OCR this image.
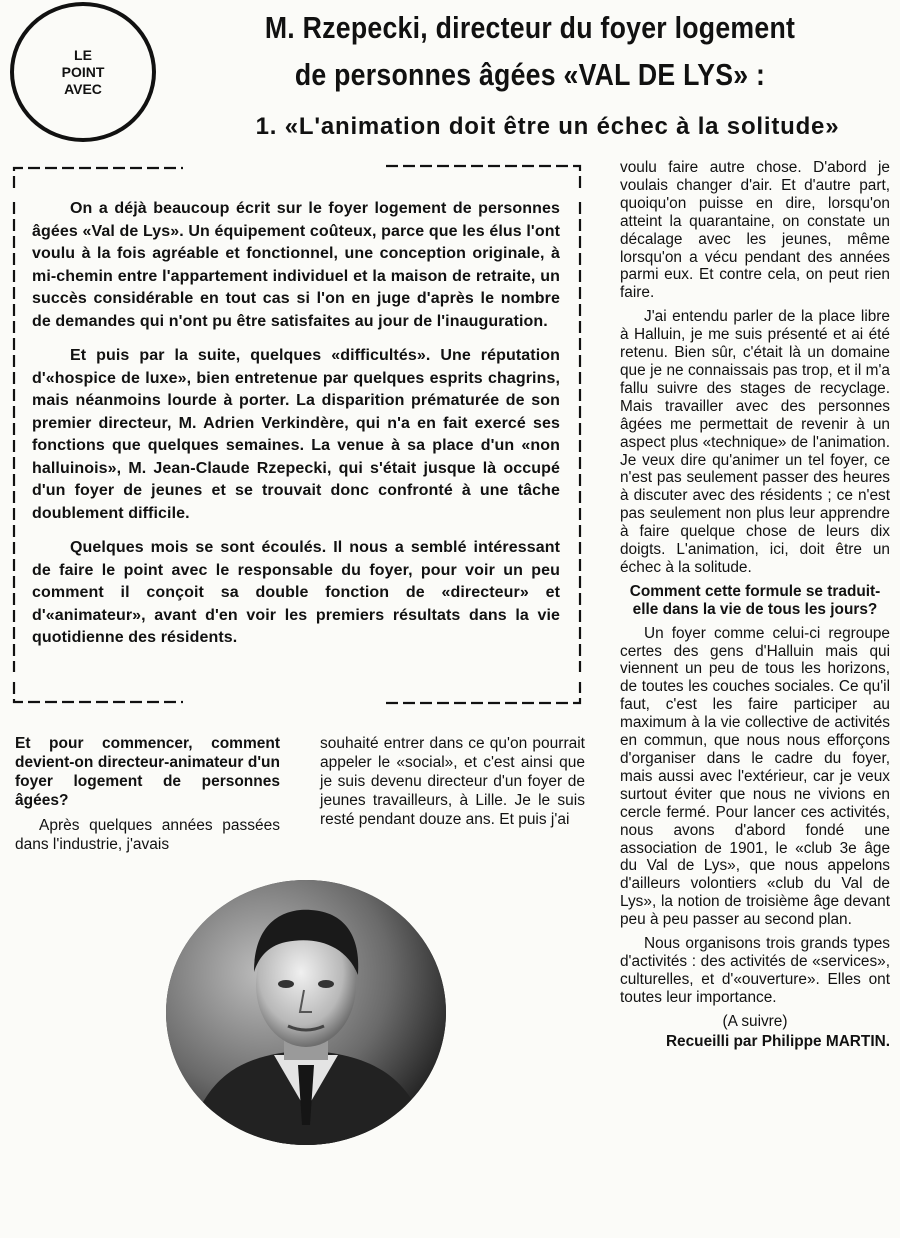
LE
POINT
AVEC
M. Rzepecki, directeur du foyer logement
de personnes âgées «VAL DE LYS» :
1. «L'animation doit être un échec à la solitude»

On a déjà beaucoup écrit sur le foyer logement de personnes âgées «Val de Lys». Un équipement coûteux, parce que les élus l'ont voulu à la fois agréable et fonctionnel, une conception originale, à mi-chemin entre l'appartement individuel et la maison de retraite, un succès considérable en tout cas si l'on en juge d'après le nombre de demandes qui n'ont pu être satisfaites au jour de l'inauguration.

Et puis par la suite, quelques «difficultés». Une réputation d'«hospice de luxe», bien entretenue par quelques esprits chagrins, mais néanmoins lourde à porter. La disparition prématurée de son premier directeur, M. Adrien Verkindère, qui n'a en fait exercé ses fonctions que quelques semaines. La venue à sa place d'un «non halluinois», M. Jean-Claude Rzepecki, qui s'était jusque là occupé d'un foyer de jeunes et se trouvait donc confronté à une tâche doublement difficile.

Quelques mois se sont écoulés. Il nous a semblé intéressant de faire le point avec le responsable du foyer, pour voir un peu comment il conçoit sa double fonction de «directeur» et d'«animateur», avant d'en voir les premiers résultats dans la vie quotidienne des résidents.

Et pour commencer, comment devient-on directeur-animateur d'un foyer logement de personnes âgées?

Après quelques années passées dans l'industrie, j'avais

souhaité entrer dans ce qu'on pourrait appeler le «social», et c'est ainsi que je suis devenu directeur d'un foyer de jeunes travailleurs, à Lille. Je le suis resté pendant douze ans. Et puis j'ai

voulu faire autre chose. D'abord je voulais changer d'air. Et d'autre part, quoiqu'on puisse en dire, lorsqu'on atteint la quarantaine, on constate un décalage avec les jeunes, même lorsqu'on a vécu pendant des années parmi eux. Et contre cela, on peut rien faire.

J'ai entendu parler de la place libre à Halluin, je me suis présenté et ai été retenu. Bien sûr, c'était là un domaine que je ne connaissais pas trop, et il m'a fallu suivre des stages de recyclage. Mais travailler avec des personnes âgées me permettait de revenir à un aspect plus «technique» de l'animation. Je veux dire qu'animer un tel foyer, ce n'est pas seulement passer des heures à discuter avec des résidents ; ce n'est pas seulement non plus leur apprendre à faire quelque chose de leurs dix doigts. L'animation, ici, doit être un échec à la solitude.

Comment cette formule se traduit-elle dans la vie de tous les jours?

Un foyer comme celui-ci regroupe certes des gens d'Halluin mais qui viennent un peu de tous les horizons, de toutes les couches sociales. Ce qu'il faut, c'est les faire participer au maximum à la vie collective de activités en commun, que nous nous efforçons d'organiser dans le cadre du foyer, mais aussi avec l'extérieur, car je veux surtout éviter que nous ne vivions en cercle fermé. Pour lancer ces activités, nous avons d'abord fondé une association de 1901, le «club 3e âge du Val de Lys», que nous appelons d'ailleurs volontiers «club du Val de Lys», la notion de troisième âge devant peu à peu passer au second plan.

Nous organisons trois grands types d'activités : des activités de «services», culturelles, et d'«ouverture». Elles ont toutes leur importance.

(A suivre)
Recueilli par Philippe MARTIN.
